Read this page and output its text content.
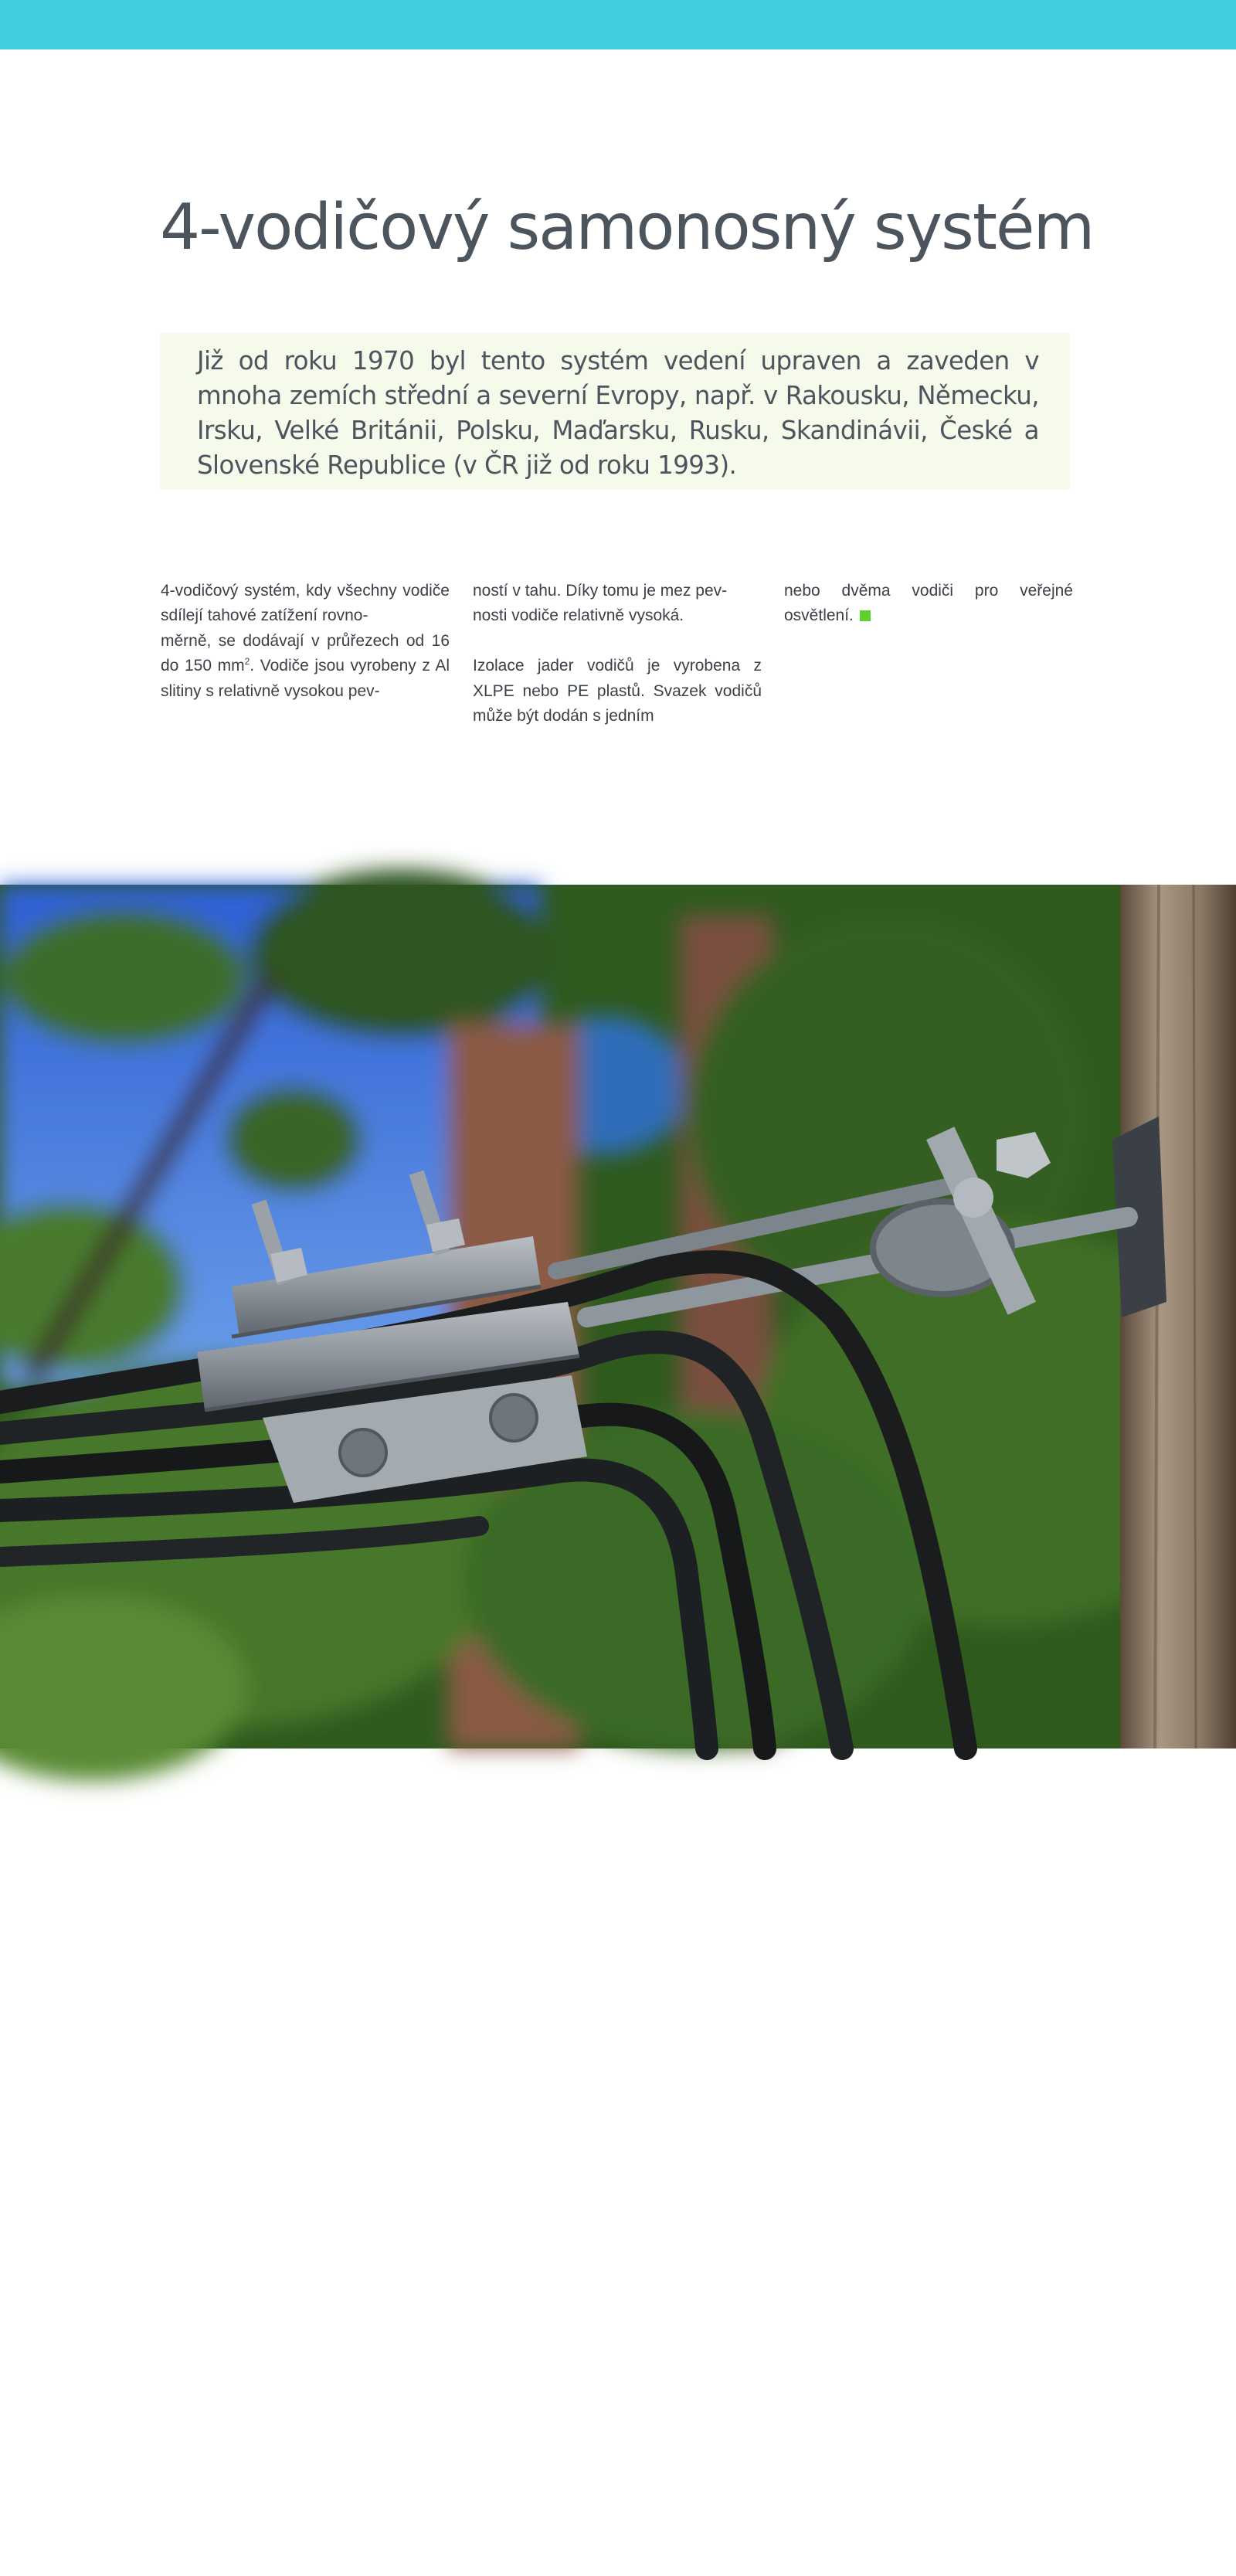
4-vodičový samonosný systém

Již od roku 1970 byl tento systém vedení upraven a zaveden v mnoha zemích střední a severní Evropy, např. v Rakousku, Německu, Irsku, Velké Británii, Polsku, Maďarsku, Rusku, Skandinávii, České a Slovenské Republice (v ČR již od roku 1993).

4-vodičový systém, kdy všechny vodiče sdílejí tahové zatížení rovno-
měrně, se dodávají v průřezech od 16 do 150 $mm^2$. Vodiče jsou vyrobeny z Al slitiny s relativně vysokou pev-

ností v tahu. Díky tomu je mez pev-
nosti vodiče relativně vysoká.

Izolace jader vodičů je vyrobena z XLPE nebo PE plastů. Svazek vodičů může být dodán s jedním

nebo dvěma vodiči pro veřejné osvětlení.

7
